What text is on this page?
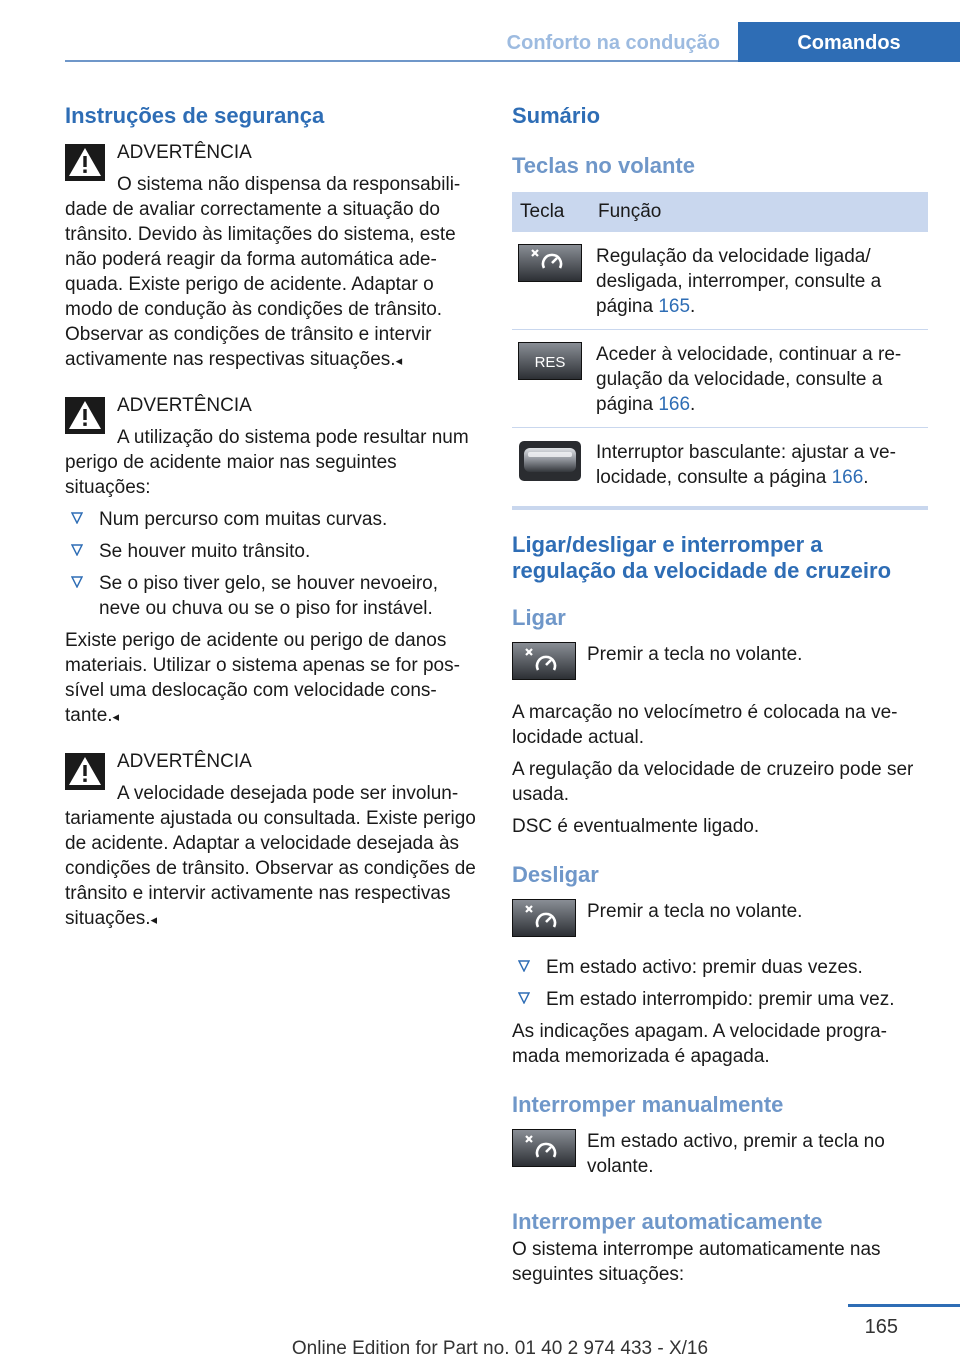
Conforto na condução	Comandos
Instruções de segurança
ADVERTÊNCIA

O sistema não dispensa da responsabilidade de avaliar correctamente a situação do trânsito. Devido às limitações do sistema, este não poderá reagir da forma automática adequada. Existe perigo de acidente. Adaptar o modo de condução às condições de trânsito. Observar as condições de trânsito e intervir activamente nas respectivas situações.◂

ADVERTÊNCIA

A utilização do sistema pode resultar num perigo de acidente maior nas seguintes situações:

Num percurso com muitas curvas.
Se houver muito trânsito.
Se o piso tiver gelo, se houver nevoeiro, neve ou chuva ou se o piso for instável.

Existe perigo de acidente ou perigo de danos materiais. Utilizar o sistema apenas se for possível uma deslocação com velocidade constante.◂

ADVERTÊNCIA

A velocidade desejada pode ser involuntariamente ajustada ou consultada. Existe perigo de acidente. Adaptar a velocidade desejada às condições de trânsito. Observar as condições de trânsito e intervir activamente nas respectivas situações.◂

Sumário
Teclas no volante
Tecla	Função

	Regulação da velocidade ligada/ desligada, interromper, consulte a página 165.

RES	Aceder à velocidade, continuar a regulação da velocidade, consulte a página 166.

	Interruptor basculante: ajustar a velocidade, consulte a página 166.
Ligar/desligar e interromper a regulação da velocidade de cruzeiro
Ligar

Premir a tecla no volante.

A marcação no velocímetro é colocada na velocidade actual.

A regulação da velocidade de cruzeiro pode ser usada.

DSC é eventualmente ligado.

Desligar

Premir a tecla no volante.

Em estado activo: premir duas vezes.
Em estado interrompido: premir uma vez.

As indicações apagam. A velocidade programada memorizada é apagada.

Interromper manualmente

Em estado activo, premir a tecla no volante.

Interromper automaticamente

O sistema interrompe automaticamente nas seguintes situações:

165
Online Edition for Part no. 01 40 2 974 433 - X/16
